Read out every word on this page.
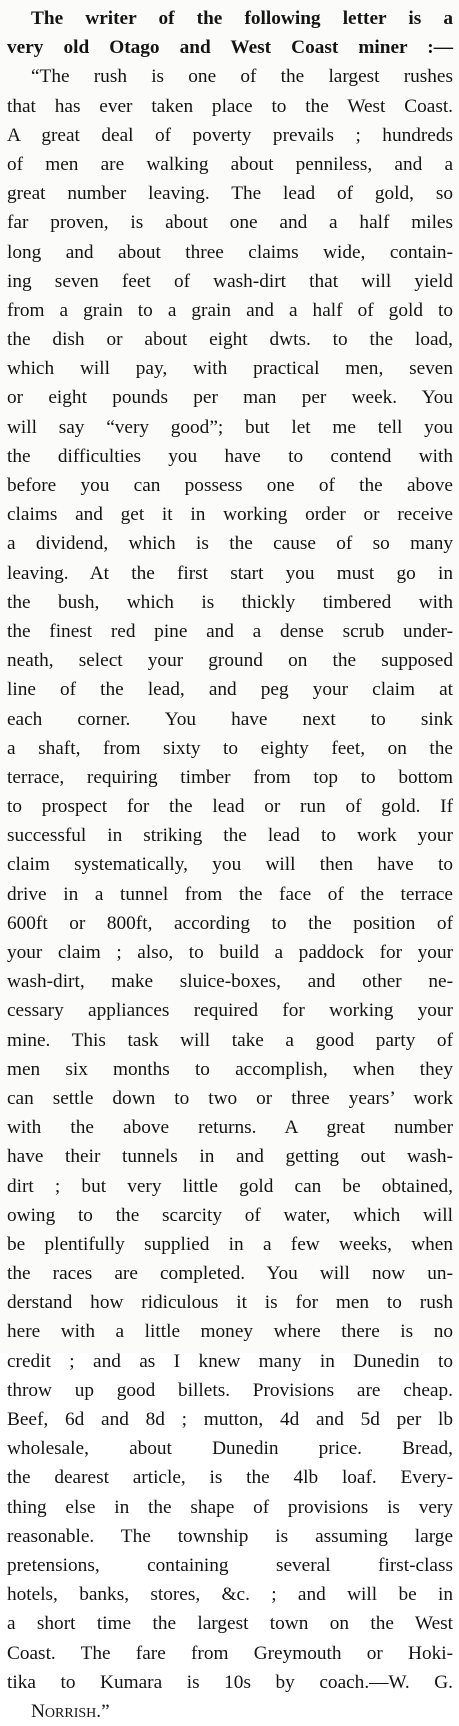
The writer of the following letter is a
very old Otago and West Coast miner :—
“The rush is one of the largest rushes
that has ever taken place to the West Coast.
A great deal of poverty prevails ; hundreds
of men are walking about penniless, and a
great number leaving. The lead of gold, so
far proven, is about one and a half miles
long and about three claims wide, contain-
ing seven feet of wash-dirt that will yield
from a grain to a grain and a half of gold to
the dish or about eight dwts. to the load,
which will pay, with practical men, seven
or eight pounds per man per week. You
will say “very good”; but let me tell you
the difficulties you have to contend with
before you can possess one of the above
claims and get it in working order or receive
a dividend, which is the cause of so many
leaving. At the first start you must go in
the bush, which is thickly timbered with
the finest red pine and a dense scrub under-
neath, select your ground on the supposed
line of the lead, and peg your claim at
each corner. You have next to sink
a shaft, from sixty to eighty feet, on the
terrace, requiring timber from top to bottom
to prospect for the lead or run of gold. If
successful in striking the lead to work your
claim systematically, you will then have to
drive in a tunnel from the face of the terrace
600ft or 800ft, according to the position of
your claim ; also, to build a paddock for your
wash-dirt, make sluice-boxes, and other ne-
cessary appliances required for working your
mine. This task will take a good party of
men six months to accomplish, when they
can settle down to two or three years’ work
with the above returns. A great number
have their tunnels in and getting out wash-
dirt ; but very little gold can be obtained,
owing to the scarcity of water, which will
be plentifully supplied in a few weeks, when
the races are completed. You will now un-
derstand how ridiculous it is for men to rush
here with a little money where there is no
credit ; and as I knew many in Dunedin to
throw up good billets. Provisions are cheap.
Beef, 6d and 8d ; mutton, 4d and 5d per lb
wholesale, about Dunedin price. Bread,
the dearest article, is the 4lb loaf. Every-
thing else in the shape of provisions is very
reasonable. The township is assuming large
pretensions, containing several first-class
hotels, banks, stores, &c. ; and will be in
a short time the largest town on the West
Coast. The fare from Greymouth or Hoki-
tika to Kumara is 10s by coach.—W. G.
Norrish.”
